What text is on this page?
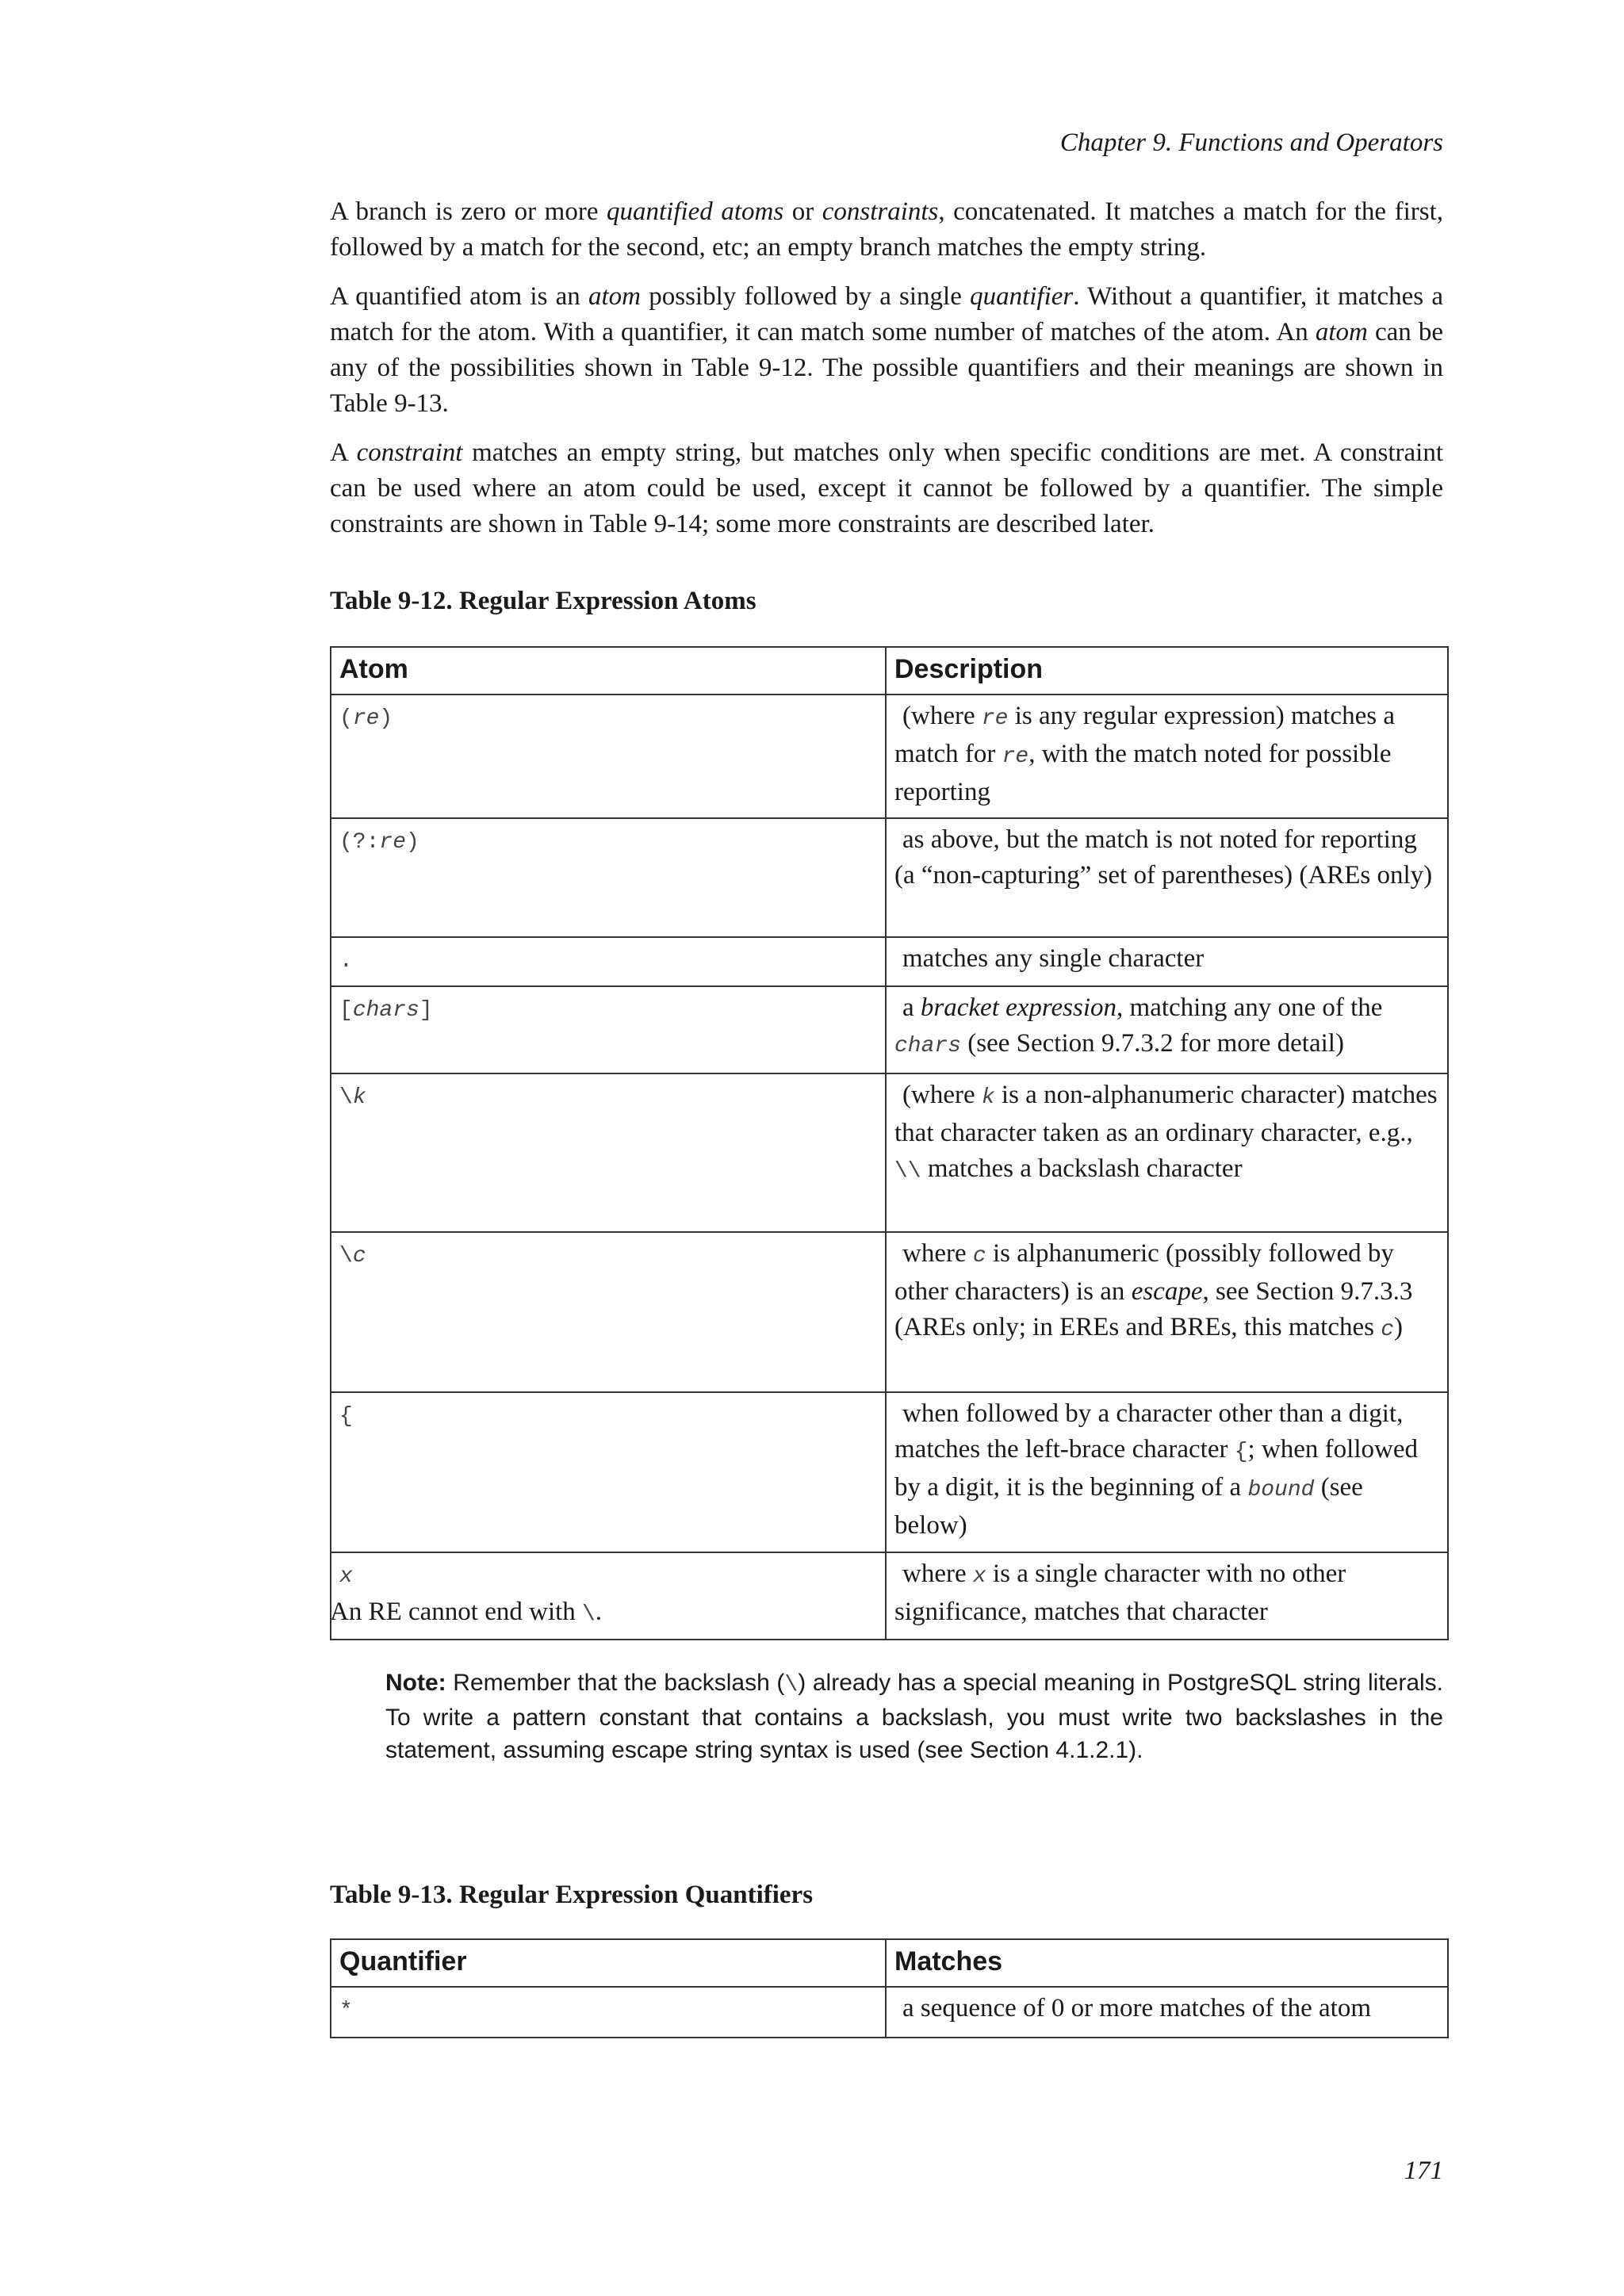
Chapter 9. Functions and Operators

A branch is zero or more quantified atoms or constraints, concatenated. It matches a match for the first, followed by a match for the second, etc; an empty branch matches the empty string.

A quantified atom is an atom possibly followed by a single quantifier. Without a quantifier, it matches a match for the atom. With a quantifier, it can match some number of matches of the atom. An atom can be any of the possibilities shown in Table 9-12. The possible quantifiers and their meanings are shown in Table 9-13.

A constraint matches an empty string, but matches only when specific conditions are met. A constraint can be used where an atom could be used, except it cannot be followed by a quantifier. The simple constraints are shown in Table 9-14; some more constraints are described later.

Table 9-12. Regular Expression Atoms
Atom	Description
(re)	(where re is any regular expression) matches a match for re, with the match noted for possible reporting
(?:re)	as above, but the match is not noted for reporting (a “non-capturing” set of parentheses) (AREs only)
.	matches any single character
[chars]	a bracket expression, matching any one of the chars (see Section 9.7.3.2 for more detail)
\k	(where k is a non-alphanumeric character) matches that character taken as an ordinary character, e.g., \\ matches a backslash character
\c	where c is alphanumeric (possibly followed by other characters) is an escape, see Section 9.7.3.3 (AREs only; in EREs and BREs, this matches c)
{	when followed by a character other than a digit, matches the left-brace character {; when followed by a digit, it is the beginning of a bound (see below)
x	where x is a single character with no other significance, matches that character
An RE cannot end with \.
Note: Remember that the backslash (\) already has a special meaning in PostgreSQL string literals. To write a pattern constant that contains a backslash, you must write two backslashes in the statement, assuming escape string syntax is used (see Section 4.1.2.1).
Table 9-13. Regular Expression Quantifiers
Quantifier	Matches
*	a sequence of 0 or more matches of the atom
171
